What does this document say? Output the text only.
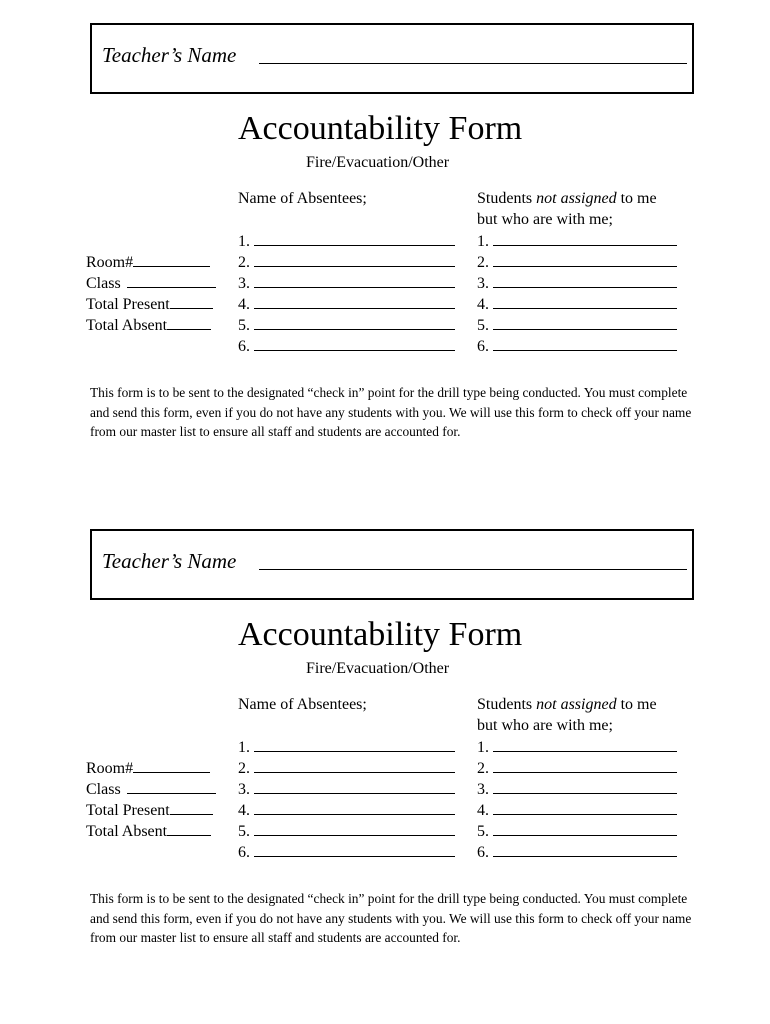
Teacher’s Name
Accountability Form
Fire/Evacuation/Other
Name of Absentees;	Students not assigned to me
but who are with me;
Room#
Class
Total Present
Total Absent
1.
2.
3.
4.
5.
6.
1.
2.
3.
4.
5.
6.
This form is to be sent to the designated “check in” point for the drill type being conducted. You must complete and send this form, even if you do not have any students with you. We will use this form to check off your name from our master list to ensure all staff and students are accounted for.
Teacher’s Name
Accountability Form
Fire/Evacuation/Other
Name of Absentees;	Students not assigned to me
but who are with me;
Room#
Class
Total Present
Total Absent
1.
2.
3.
4.
5.
6.
1.
2.
3.
4.
5.
6.
This form is to be sent to the designated “check in” point for the drill type being conducted. You must complete and send this form, even if you do not have any students with you. We will use this form to check off your name from our master list to ensure all staff and students are accounted for.
